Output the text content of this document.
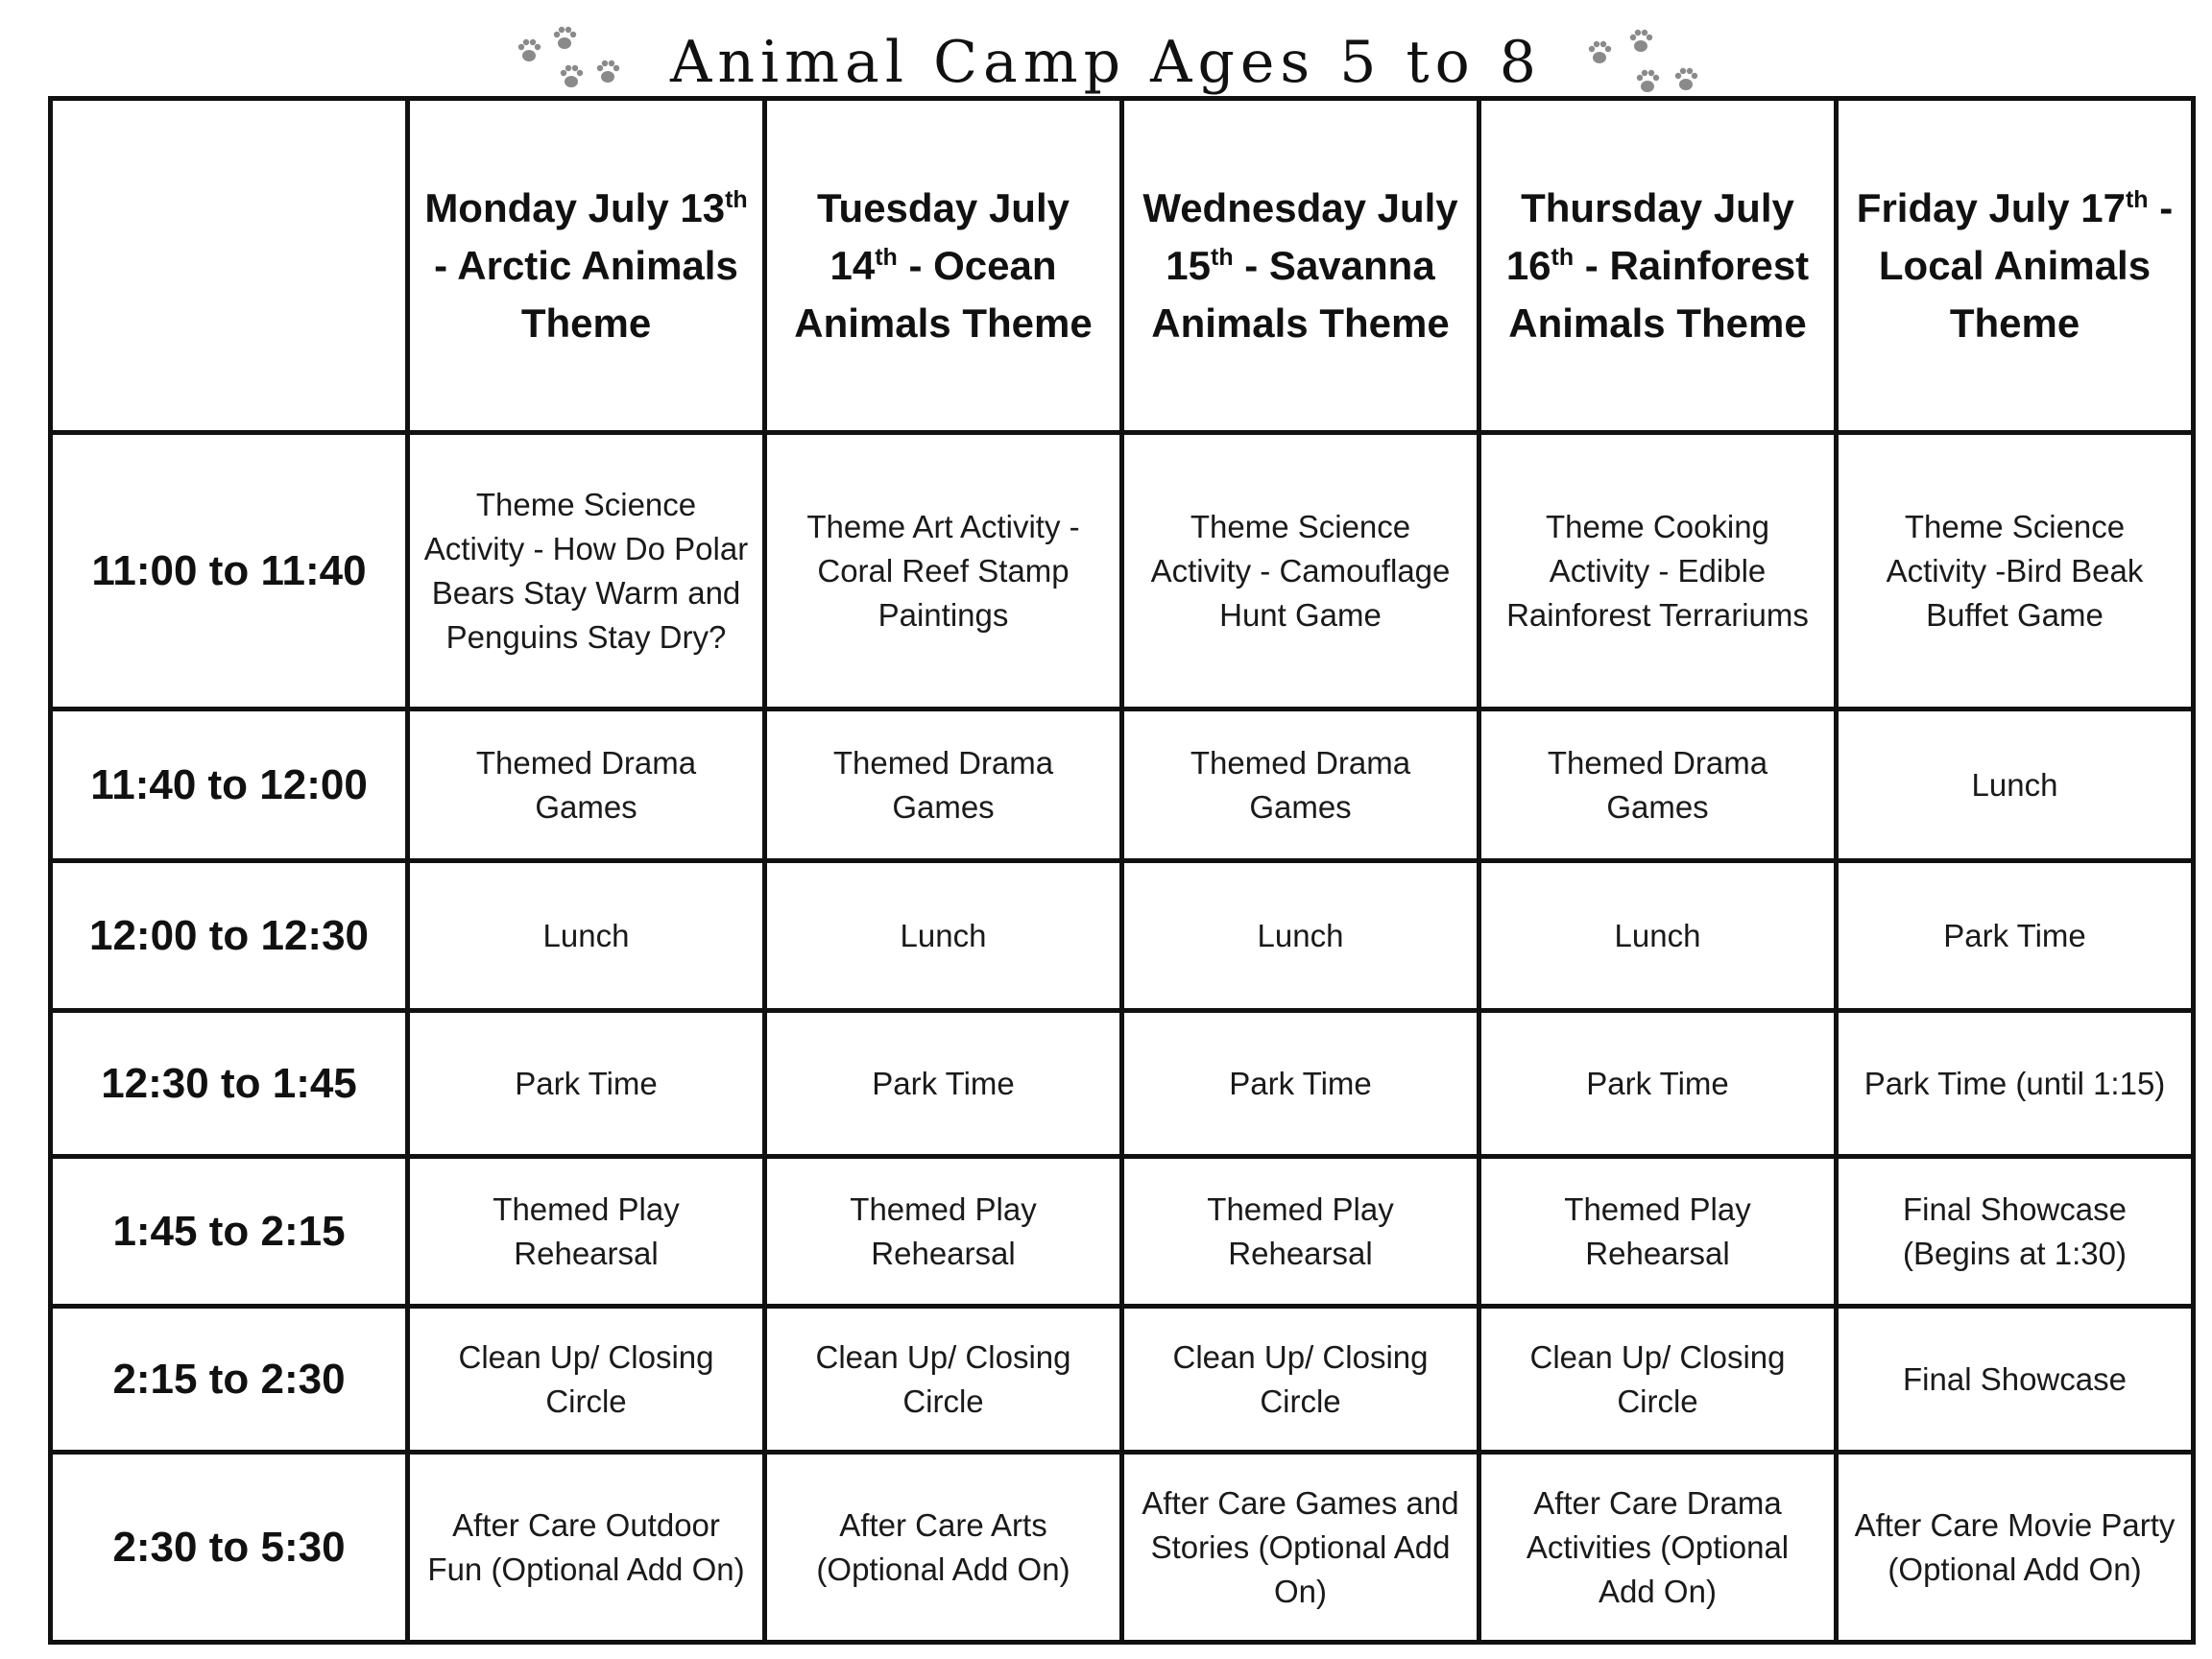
Animal Camp Ages 5 to 8
	Monday July 13th - Arctic Animals Theme	Tuesday July 14th - Ocean Animals Theme	Wednesday July 15th - Savanna Animals Theme	Thursday July 16th - Rainforest Animals Theme	Friday July 17th - Local Animals Theme
11:00 to 11:40	Theme Science Activity - How Do Polar Bears Stay Warm and Penguins Stay Dry?	Theme Art Activity - Coral Reef Stamp Paintings	Theme Science Activity - Camouflage Hunt Game	Theme Cooking Activity - Edible Rainforest Terrariums	Theme Science Activity -Bird Beak Buffet Game
11:40 to 12:00	Themed Drama Games	Themed Drama Games	Themed Drama Games	Themed Drama Games	Lunch
12:00 to 12:30	Lunch	Lunch	Lunch	Lunch	Park Time
12:30 to 1:45	Park Time	Park Time	Park Time	Park Time	Park Time (until 1:15)
1:45 to 2:15	Themed Play Rehearsal	Themed Play Rehearsal	Themed Play Rehearsal	Themed Play Rehearsal	Final Showcase (Begins at 1:30)
2:15 to 2:30	Clean Up/ Closing Circle	Clean Up/ Closing Circle	Clean Up/ Closing Circle	Clean Up/ Closing Circle	Final Showcase
2:30 to 5:30	After Care Outdoor Fun (Optional Add On)	After Care Arts (Optional Add On)	After Care Games and Stories (Optional Add On)	After Care Drama Activities (Optional Add On)	After Care Movie Party (Optional Add On)
